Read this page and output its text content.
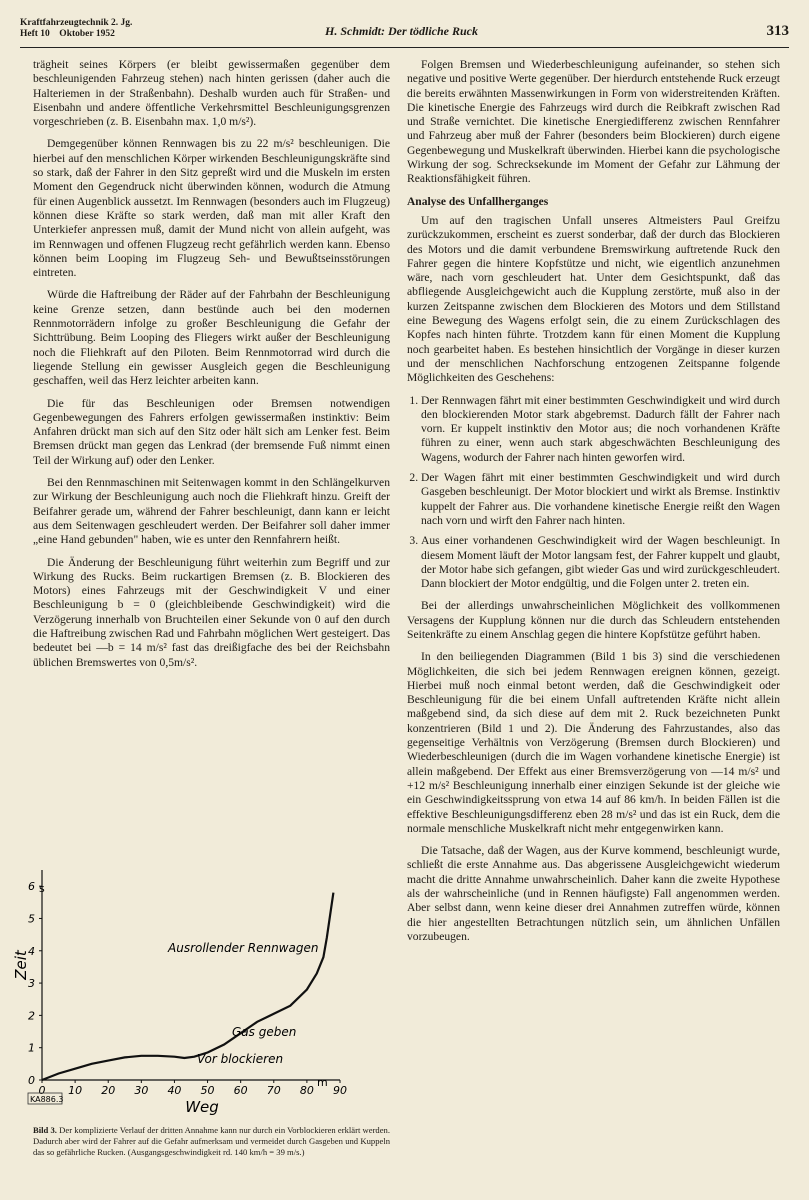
Kraftfahrzeugtechnik 2. Jg.
Heft 10    Oktober 1952	H. Schmidt: Der tödliche Ruck	313

trägheit seines Körpers (er bleibt gewissermaßen gegenüber dem beschleunigenden Fahrzeug stehen) nach hinten gerissen (daher auch die Halteriemen in der Straßenbahn). Deshalb wurden auch für Straßen- und Eisenbahn und andere öffentliche Verkehrsmittel Beschleunigungsgrenzen vorgeschrieben (z. B. Eisenbahn max. 1,0 m/s²).

Demgegenüber können Rennwagen bis zu 22 m/s² beschleunigen. Die hierbei auf den menschlichen Körper wirkenden Beschleunigungskräfte sind so stark, daß der Fahrer in den Sitz gepreßt wird und die Muskeln im ersten Moment den Gegendruck nicht überwinden können, wodurch die Atmung für einen Augenblick aussetzt. Im Rennwagen (besonders auch im Flugzeug) können diese Kräfte so stark werden, daß man mit aller Kraft den Unterkiefer anpressen muß, damit der Mund nicht von allein aufgeht, was im Rennwagen und offenen Flugzeug recht gefährlich werden kann. Ebenso können beim Looping im Flugzeug Seh- und Bewußtseinsstörungen eintreten.

Würde die Haftreibung der Räder auf der Fahrbahn der Beschleunigung keine Grenze setzen, dann bestünde auch bei den modernen Rennmotorrädern infolge zu großer Beschleunigung die Gefahr der Sichttrübung. Beim Looping des Fliegers wirkt außer der Beschleunigung noch die Fliehkraft auf den Piloten. Beim Rennmotorrad wird durch die liegende Stellung ein gewisser Ausgleich gegen die Beschleunigung geschaffen, weil das Herz leichter arbeiten kann.

Die für das Beschleunigen oder Bremsen notwendigen Gegenbewegungen des Fahrers erfolgen gewissermaßen instinktiv: Beim Anfahren drückt man sich auf den Sitz oder hält sich am Lenker fest. Beim Bremsen drückt man gegen das Lenkrad (der bremsende Fuß nimmt einen Teil der Wirkung auf) oder den Lenker.

Bei den Rennmaschinen mit Seitenwagen kommt in den Schlängelkurven zur Wirkung der Beschleunigung auch noch die Fliehkraft hinzu. Greift der Beifahrer gerade um, während der Fahrer beschleunigt, dann kann er leicht aus dem Seitenwagen geschleudert werden. Der Beifahrer soll daher immer „eine Hand gebunden" haben, wie es unter den Rennfahrern heißt.

Die Änderung der Beschleunigung führt weiterhin zum Begriff und zur Wirkung des Rucks. Beim ruckartigen Bremsen (z. B. Blockieren des Motors) eines Fahrzeugs mit der Geschwindigkeit V und einer Beschleunigung b = 0 (gleichbleibende Geschwindigkeit) wird die Verzögerung innerhalb von Bruchteilen einer Sekunde von 0 auf den durch die Haftreibung zwischen Rad und Fahrbahn möglichen Wert gesteigert. Das bedeutet bei —b = 14 m/s² fast das dreißigfache des bei der Reichsbahn üblichen Bremswertes von 0,5m/s².

Folgen Bremsen und Wiederbeschleunigung aufeinander, so stehen sich negative und positive Werte gegenüber. Der hierdurch entstehende Ruck erzeugt die bereits erwähnten Massenwirkungen in Form von widerstreitenden Kräften. Die kinetische Energie des Fahrzeugs wird durch die Reibkraft zwischen Rad und Straße vernichtet. Die kinetische Energiedifferenz zwischen Rennfahrer und Fahrzeug aber muß der Fahrer (besonders beim Blockieren) durch eigene Gegenbewegung und Muskelkraft überwinden. Hierbei kann die psychologische Wirkung der sog. Schrecksekunde im Moment der Gefahr zur Lähmung der Reaktionsfähigkeit führen.

Analyse des Unfallherganges

Um auf den tragischen Unfall unseres Altmeisters Paul Greifzu zurückzukommen, erscheint es zuerst sonderbar, daß der durch das Blockieren des Motors und die damit verbundene Bremswirkung auftretende Ruck den Fahrer gegen die hintere Kopfstütze und nicht, wie eigentlich anzunehmen wäre, nach vorn geschleudert hat. Unter dem Gesichtspunkt, daß das abfliegende Ausgleichgewicht auch die Kupplung zerstörte, muß also in der kurzen Zeitspanne zwischen dem Blockieren des Motors und dem Stillstand eine Bewegung des Wagens erfolgt sein, die zu einem Zurückschlagen des Kopfes nach hinten führte. Trotzdem kann für einen Moment die Kupplung noch gearbeitet haben. Es bestehen hinsichtlich der Vorgänge in dieser kurzen und der menschlichen Nachforschung entzogenen Zeitspanne folgende Möglichkeiten des Geschehens:

1. Der Rennwagen fährt mit einer bestimmten Geschwindigkeit und wird durch den blockierenden Motor stark abgebremst. Dadurch fällt der Fahrer nach vorn. Er kuppelt instinktiv den Motor aus; die noch vorhandenen Kräfte führen zu einer, wenn auch stark abgeschwächten Beschleunigung des Wagens, wodurch der Fahrer nach hinten geworfen wird.
2. Der Wagen fährt mit einer bestimmten Geschwindigkeit und wird durch Gasgeben beschleunigt. Der Motor blockiert und wirkt als Bremse. Instinktiv kuppelt der Fahrer aus. Die vorhandene kinetische Energie reißt den Wagen nach vorn und wirft den Fahrer nach hinten.
3. Aus einer vorhandenen Geschwindigkeit wird der Wagen beschleunigt. In diesem Moment läuft der Motor langsam fest, der Fahrer kuppelt und glaubt, der Motor habe sich gefangen, gibt wieder Gas und wird zurückgeschleudert. Dann blockiert der Motor endgültig, und die Folgen unter 2. treten ein.

Bei der allerdings unwahrscheinlichen Möglichkeit des vollkommenen Versagens der Kupplung können nur die durch das Schleudern entstehenden Seitenkräfte zu einem Anschlag gegen die hintere Kopfstütze geführt haben.

In den beiliegenden Diagrammen (Bild 1 bis 3) sind die verschiedenen Möglichkeiten, die sich bei jedem Rennwagen ereignen können, gezeigt. Hierbei muß noch einmal betont werden, daß die Geschwindigkeit oder Beschleunigung für die bei einem Unfall auftretenden Kräfte nicht allein maßgebend sind, da sich diese auf dem mit 2. Ruck bezeichneten Punkt konzentrieren (Bild 1 und 2). Die Änderung des Fahrzustandes, also das gegenseitige Verhältnis von Verzögerung (Bremsen durch Blockieren) und Wiederbeschleunigen (durch die im Wagen vorhandene kinetische Energie) ist allein maßgebend. Der Effekt aus einer Bremsverzögerung von —14 m/s² und +12 m/s² Beschleunigung innerhalb einer einzigen Sekunde ist der gleiche wie ein Geschwindigkeitssprung von etwa 14 auf 86 km/h. In beiden Fällen ist die effektive Beschleunigungsdifferenz eben 28 m/s² und das ist ein Ruck, dem die normale menschliche Muskelkraft nicht mehr entgegenwirken kann.

Die Tatsache, daß der Wagen, aus der Kurve kommend, beschleunigt wurde, schließt die erste Annahme aus. Das abgerissene Ausgleichgewicht wiederum macht die dritte Annahme unwahrscheinlich. Daher kann die zweite Hypothese als der wahrscheinliche (und in Rennen häufigste) Fall angenommen werden. Aber selbst dann, wenn keine dieser drei Annahmen zutreffen würde, können die hier angestellten Betrachtungen nützlich sein, um ähnlichen Unfällen vorzubeugen.

0
1
2
3
4
5
6
0 10 20 30 40 50 60 70 80 90
Zeit
s
Weg
m
Ausrollender Rennwagen
Gas geben
Vor blockieren
KA886.3
Bild 3. Der komplizierte Verlauf der dritten Annahme kann nur durch ein Vorblockieren erklärt werden. Dadurch aber wird der Fahrer auf die Gefahr aufmerksam und vermeidet durch Gasgeben und Kuppeln das so gefährliche Rucken. (Ausgangsgeschwindigkeit rd. 140 km/h = 39 m/s.)
